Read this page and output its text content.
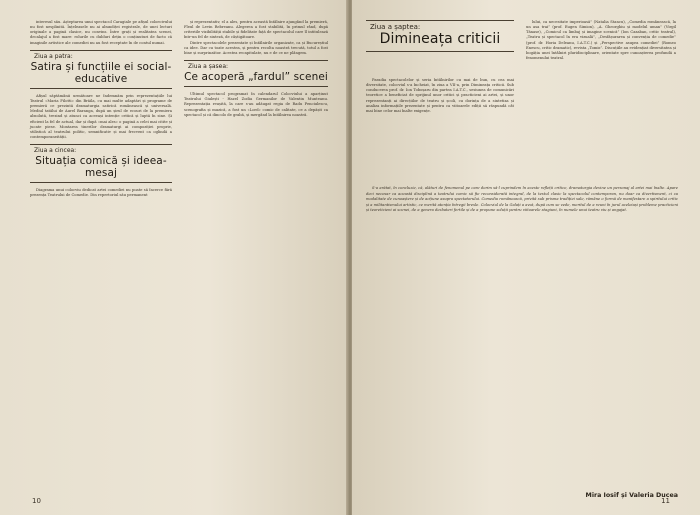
interesul său. Așteptarea unui spectacol Caragiale pe afișul coloecivului nu fost nesplinită. Înțeleasele nu ai abundiței registrale, de unei lecturi originale a pagină clasice, nu convins. Între grați și realitatea scenei, decalajul a fost mare: rolurile cu dubluri dețin o conținuturi de facto că imaginile artistice ale comediei nu au fost receptate în de contul numai.

Ziua a patra:
Satira și funcțiile ei social-educative

Afișul săptămânii următoare ne îndemnăm prin reprezentațiile lui Teatrul «Maria Filotti» din Brăila, cu mai multe adaptări și programe de premieră ce prezintă dramaturgia satirică românească și universală. Mediul tatălui de Aurel Baranga, după un șirul de ecouri de la premiera absolută, trezind și atunci ca aceeași intenție critică și luptă în sine. Și eficient la fel de actual, dar și după «mai ales» o pagină a celei mai citite și jucate piese. Montarea tinerilor dramaturgi ai compoziției proprie, stilistică al teatrului politic, semnificativ și mai frecvent ca oglindă a contemporaneității.

Ziua a cincea:
Situația comică și ideea-mesaj

Diagrama unui colocviu dedicat artei comediei nu poate să încerce fără prezența Teatrului de Comedie. Din repertoriul său permanent

și reprezentativ, el a ales, pentru această întâlnire ajungând la premieră, Fleul de Levin Rebreanu. Alegerea a fost stabilită, în primul rând, după criteriile vizibilității stabile și fidelitate față de spectacolul care îl intitulează într-un fel de sinteză, de câștigătoare.

Dintre spectacolele prezentate și întâlnirile organizate, ca și Bucureștiul ca idee. Dar cu toate acestea, și pentru recolta noastră trecută, totul a fost bine și surprinzător. Acestea recapitulate, nu e de ce ne plângem.

Ziua a șasea:
Ce acoperă „fardul” scenei

Ultimul spectacol programat în calendarul Colocviului a aparținut Teatrului Giulești - Hazel Zodia Germanilor de Valentin Munteanu. Reprezentația reușită, la care s-au adăugat regia de Radu Penciulescu, scenografia și muzică, a fost un «Lord» comic de calitate, ce a depășit ca spectacol și că dincolo de grabă, și mergând la întâlnirea noastră.

10
Ziua a șaptea:
Dimineața criticii

Paradia spectacolelor și seria întâlnirilor cu mai de bun, cu cea mai diversitate, colocviul s-a încheiat, în ziua a VII-a, prin Dimineața criticii. Sub conducerea prof. dr. Ion Toboșaru din partea I.A.T.C., sesiunea de comunicări teoretice a beneficiat de sprijinul unor critici și practicieni ai artei, și unor reprezentanți ai direcțiilor de teatru și școli, cu dorința de a sintetiza și analiza informațiile prezentate și pentru ca viitoarele ediții să răspundă cât mai bine celor mai înalte exigențe.

lului, ca necesitate imperioasă” (Natalia Stancu), „Comedia românească, la un asa trai” (prof. Eugen Simion), „A. Gheorghiu și modelul uman” (Virgil Tănase), „Comicul ca limbaj și imagine scenică” (Ion Cazaban, critic teatral), „Teatru și spectacol în era vizuală”, „Desfășurarea și convenția de comedie” (prof. dr. Horia Deleanu, I.A.T.C.) și „Perspective asupra comediei” (Romeo Enescu, critic dramatic), revista „Tomis”. Discuțiile au evidențiat diversitatea și bogăția unei întâlniri pluridisciplinare, orientate spre cunoașterea profundă a fenomenului teatral.

S-a arătat, în concluzie, că, alături de fenomenul pe care dorim să-l cuprindem în aceste refleții critice, dramaturgia devine un personaj al artei mai înalte. Apare deci necesar ca această disciplină a teatrului comic să fie reconsiderată integral, de la textul clasic la spectacolul contemporan, nu doar ca divertisment, ci ca modalitate de cunoaștere și de acțiune asupra spectatorului. Comedia românească, privită sub prisma tradiției sale, rămâne o formă de manifestare a spiritului critic și a militantismului artistic, ce merită atenția întregii bresle. Colocviul de la Galați a avut, după cum se vede, meritul de a reuni în jurul aceleiași probleme practicieni și teoreticieni ai scenei, de a genera dezbateri fertile și de a propune soluții pentru viitoarele stagiuni, în numele unui teatru viu și angajat.

Mira Iosif și Valeria Ducea
11
